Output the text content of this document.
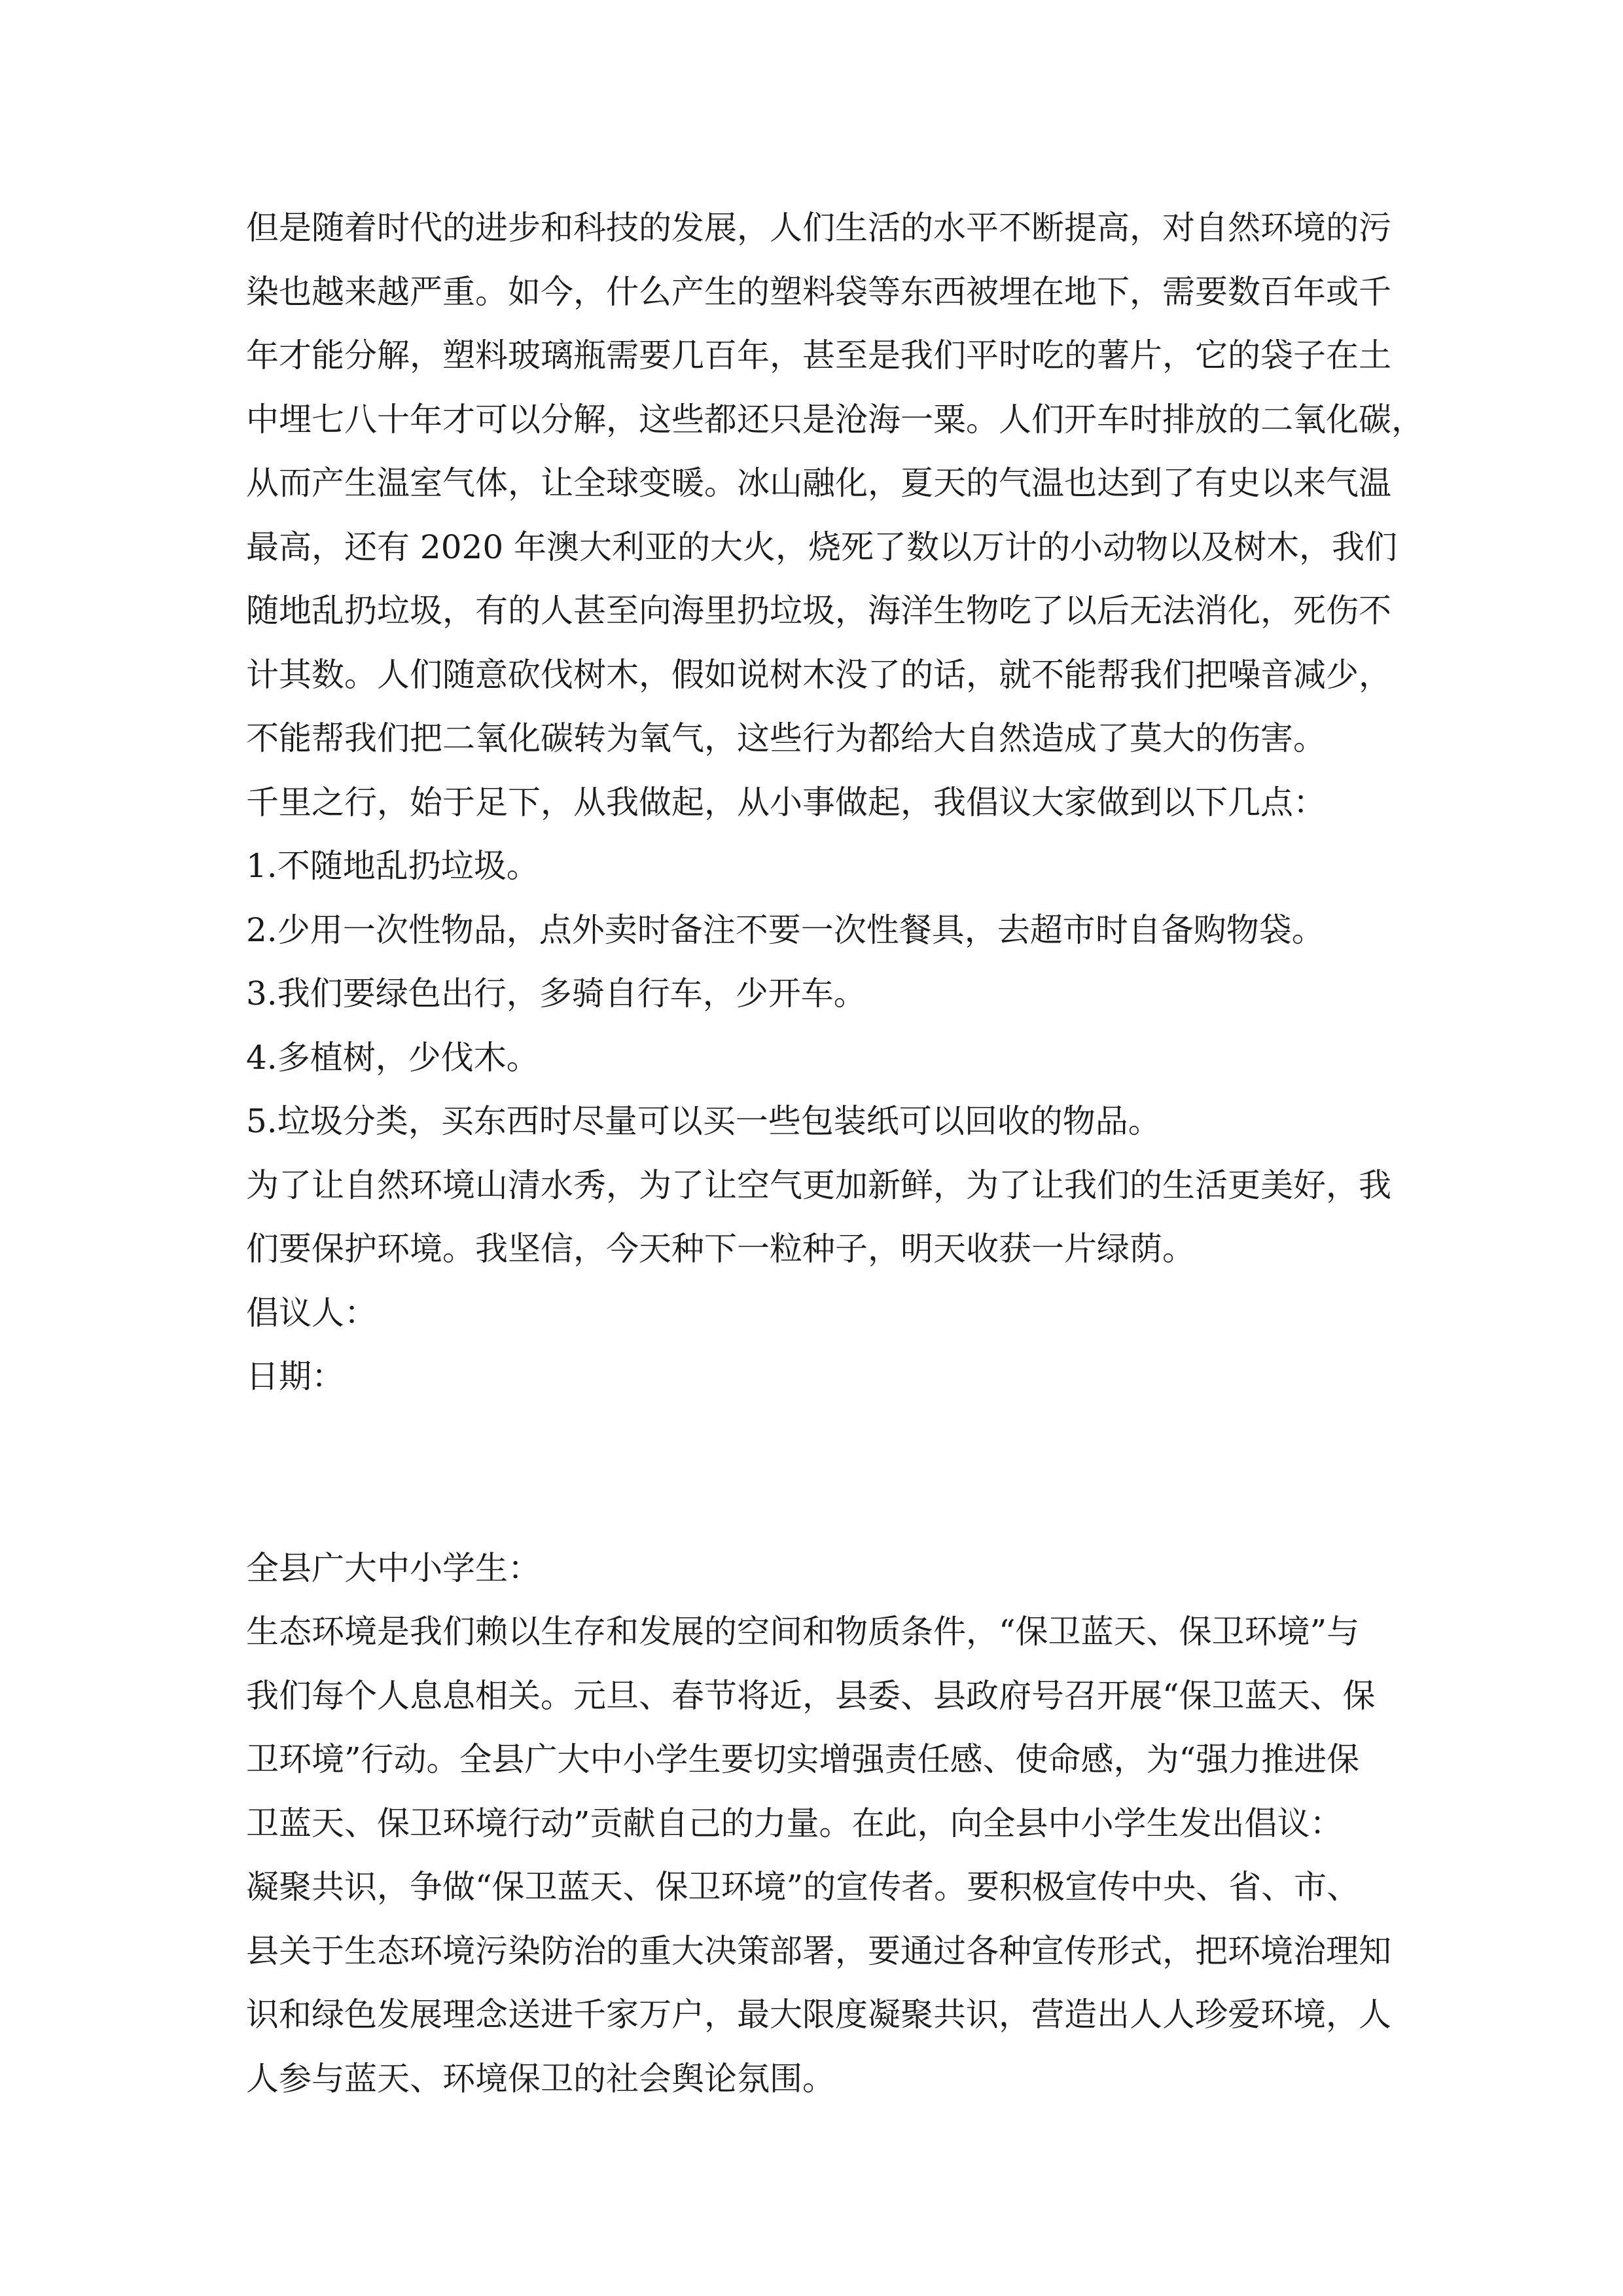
但是随着时代的进步和科技的发展，人们生活的水平不断提高，对自然环境的污
染也越来越严重。如今，什么产生的塑料袋等东西被埋在地下，需要数百年或千
年才能分解，塑料玻璃瓶需要几百年，甚至是我们平时吃的薯片，它的袋子在土
中埋七八十年才可以分解，这些都还只是沧海一粟。人们开车时排放的二氧化碳，
从而产生温室气体，让全球变暖。冰山融化，夏天的气温也达到了有史以来气温
最高，还有 2020 年澳大利亚的大火，烧死了数以万计的小动物以及树木，我们
随地乱扔垃圾，有的人甚至向海里扔垃圾，海洋生物吃了以后无法消化，死伤不
计其数。人们随意砍伐树木，假如说树木没了的话，就不能帮我们把噪音减少，
不能帮我们把二氧化碳转为氧气，这些行为都给大自然造成了莫大的伤害。
千里之行，始于足下，从我做起，从小事做起，我倡议大家做到以下几点：
1.不随地乱扔垃圾。
2.少用一次性物品，点外卖时备注不要一次性餐具，去超市时自备购物袋。
3.我们要绿色出行，多骑自行车，少开车。
4.多植树，少伐木。
5.垃圾分类，买东西时尽量可以买一些包装纸可以回收的物品。
为了让自然环境山清水秀，为了让空气更加新鲜，为了让我们的生活更美好，我
们要保护环境。我坚信，今天种下一粒种子，明天收获一片绿荫。
倡议人：
日期：
全县广大中小学生：
生态环境是我们赖以生存和发展的空间和物质条件，“保卫蓝天、保卫环境”与
我们每个人息息相关。元旦、春节将近，县委、县政府号召开展“保卫蓝天、保
卫环境”行动。全县广大中小学生要切实增强责任感、使命感，为“强力推进保
卫蓝天、保卫环境行动”贡献自己的力量。在此，向全县中小学生发出倡议：
凝聚共识，争做“保卫蓝天、保卫环境”的宣传者。要积极宣传中央、省、市、
县关于生态环境污染防治的重大决策部署，要通过各种宣传形式，把环境治理知
识和绿色发展理念送进千家万户，最大限度凝聚共识，营造出人人珍爱环境，人
人参与蓝天、环境保卫的社会舆论氛围。
